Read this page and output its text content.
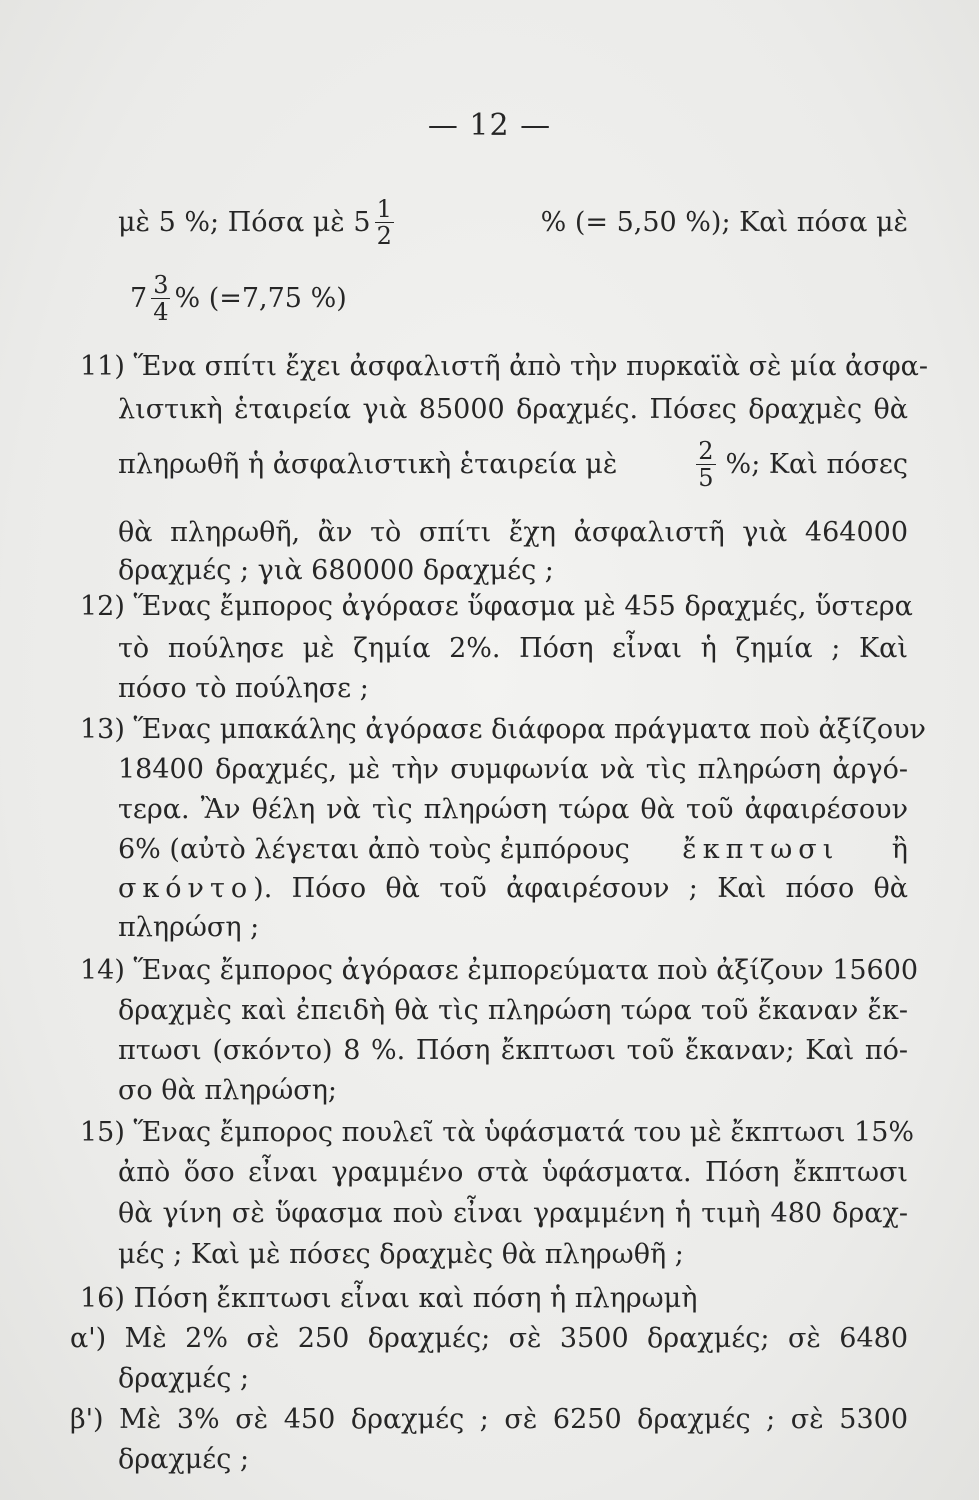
— 12 —
μὲ 5 %; Πόσα μὲ $5 \frac{1}{2}$	% (= 5,50 %); Καὶ πόσα μὲ
$7 \frac{3}{4}$ % (=7,75 %)
11) Ἕνα σπίτι ἔχει ἀσφαλιστῆ ἀπὸ τὴν πυρκαϊὰ σὲ μία ἀσφα-
λιστικὴ ἑταιρεία γιὰ 85000 δραχμές. Πόσες δραχμὲς θὰ
πληρωθῆ ἡ ἀσφαλιστικὴ ἑταιρεία μὲ	$\frac{2}{5}$ %; Καὶ πόσες
θὰ πληρωθῆ, ἂν τὸ σπίτι ἔχη ἀσφαλιστῆ γιὰ 464000
δραχμές ; γιὰ 680000 δραχμές ;
12) Ἕνας ἔμπορος ἀγόρασε ὕφασμα μὲ 455 δραχμές, ὕστερα
τὸ πούλησε μὲ ζημία 2%. Πόση εἶναι ἡ ζημία ; Καὶ
πόσο τὸ πούλησε ;
13) Ἕνας μπακάλης ἀγόρασε διάφορα πράγματα ποὺ ἀξίζουν
18400 δραχμές, μὲ τὴν συμφωνία νὰ τὶς πληρώση ἀργό-
τερα. Ἂν θέλη νὰ τὶς πληρώση τώρα θὰ τοῦ ἀφαιρέσουν
6% (αὐτὸ λέγεται ἀπὸ τοὺς ἐμπόρους ἔκπτωσι ἢ
σκόντο ). Πόσο θὰ τοῦ ἀφαιρέσουν ; Καὶ πόσο θὰ
πληρώση ;
14) Ἕνας ἔμπορος ἀγόρασε ἐμπορεύματα ποὺ ἀξίζουν 15600
δραχμὲς καὶ ἐπειδὴ θὰ τὶς πληρώση τώρα τοῦ ἔκαναν ἔκ-
πτωσι (σκόντο) 8 %. Πόση ἔκπτωσι τοῦ ἔκαναν; Καὶ πό-
σο θὰ πληρώση;
15) Ἕνας ἔμπορος πουλεῖ τὰ ὑφάσματά του μὲ ἔκπτωσι 15%
ἀπὸ ὅσο εἶναι γραμμένο στὰ ὑφάσματα. Πόση ἔκπτωσι
θὰ γίνη σὲ ὕφασμα ποὺ εἶναι γραμμένη ἡ τιμὴ 480 δραχ-
μές ; Καὶ μὲ πόσες δραχμὲς θὰ πληρωθῆ ;
16) Πόση ἔκπτωσι εἶναι καὶ πόση ἡ πληρωμὴ
α') Μὲ 2% σὲ 250 δραχμές; σὲ 3500 δραχμές; σὲ 6480
δραχμές ;
β') Μὲ 3% σὲ 450 δραχμές ; σὲ 6250 δραχμές ; σὲ 5300
δραχμές ;
